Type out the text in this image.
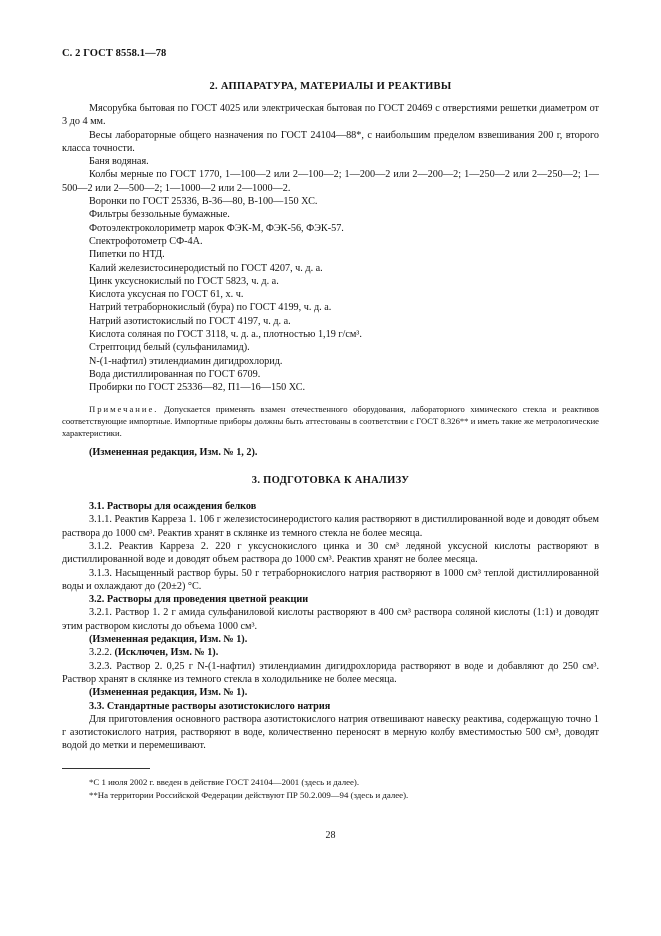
С. 2 ГОСТ 8558.1—78
2. АППАРАТУРА, МАТЕРИАЛЫ И РЕАКТИВЫ

Мясорубка бытовая по ГОСТ 4025 или электрическая бытовая по ГОСТ 20469 с отверстиями решетки диаметром от 3 до 4 мм.

Весы лабораторные общего назначения по ГОСТ 24104—88*, с наибольшим пределом взвешивания 200 г, второго класса точности.

Баня водяная.

Колбы мерные по ГОСТ 1770, 1—100—2 или 2—100—2; 1—200—2 или 2—200—2; 1—250—2 или 2—250—2; 1—500—2 или 2—500—2; 1—1000—2 или 2—1000—2.

Воронки по ГОСТ 25336, В-36—80, В-100—150 ХС.
Фильтры беззольные бумажные.
Фотоэлектроколориметр марок ФЭК-М, ФЭК-56, ФЭК-57.
Спектрофотометр СФ-4А.
Пипетки по НТД.
Калий железистосинеродистый по ГОСТ 4207, ч. д. а.
Цинк уксуснокислый по ГОСТ 5823, ч. д. а.
Кислота уксусная по ГОСТ 61, х. ч.
Натрий тетраборнокислый (бура) по ГОСТ 4199, ч. д. а.
Натрий азотистокислый по ГОСТ 4197, ч. д. а.
Кислота соляная по ГОСТ 3118, ч. д. а., плотностью 1,19 г/см³.
Стрептоцид белый (сульфаниламид).
N-(1-нафтил) этилендиамин дигидрохлорид.
Вода дистиллированная по ГОСТ 6709.
Пробирки по ГОСТ 25336—82, П1—16—150 ХС.

Примечание. Допускается применять взамен отечественного оборудования, лабораторного химического стекла и реактивов соответствующие импортные. Импортные приборы должны быть аттестованы в соответствии с ГОСТ 8.326** и иметь такие же метрологические характеристики.

(Измененная редакция, Изм. № 1, 2).

3. ПОДГОТОВКА К АНАЛИЗУ
3.1. Растворы для осаждения белков

3.1.1. Реактив Карреза 1. 106 г железистосинеродистого калия растворяют в дистиллированной воде и доводят объем раствора до 1000 см³. Реактив хранят в склянке из темного стекла не более месяца.

3.1.2. Реактив Карреза 2. 220 г уксуснокислого цинка и 30 см³ ледяной уксусной кислоты растворяют в дистиллированной воде и доводят объем раствора до 1000 см³. Реактив хранят не более месяца.

3.1.3. Насыщенный раствор буры. 50 г тетраборнокислого натрия растворяют в 1000 см³ теплой дистиллированной воды и охлаждают до (20±2) °С.

3.2. Растворы для проведения цветной реакции

3.2.1. Раствор 1. 2 г амида сульфаниловой кислоты растворяют в 400 см³ раствора соляной кислоты (1:1) и доводят этим раствором кислоты до объема 1000 см³.

(Измененная редакция, Изм. № 1).

3.2.2. (Исключен, Изм. № 1).

3.2.3. Раствор 2. 0,25 г N-(1-нафтил) этилендиамин дигидрохлорида растворяют в воде и добавляют до 250 см³. Раствор хранят в склянке из темного стекла в холодильнике не более месяца.

(Измененная редакция, Изм. № 1).

3.3. Стандартные растворы азотистокислого натрия

Для приготовления основного раствора азотистокислого натрия отвешивают навеску реактива, содержащую точно 1 г азотистокислого натрия, растворяют в воде, количественно переносят в мерную колбу вместимостью 500 см³, доводят водой до метки и перемешивают.

*С 1 июля 2002 г. введен в действие ГОСТ 24104—2001 (здесь и далее).
**На территории Российской Федерации действуют ПР 50.2.009—94 (здесь и далее).
28
